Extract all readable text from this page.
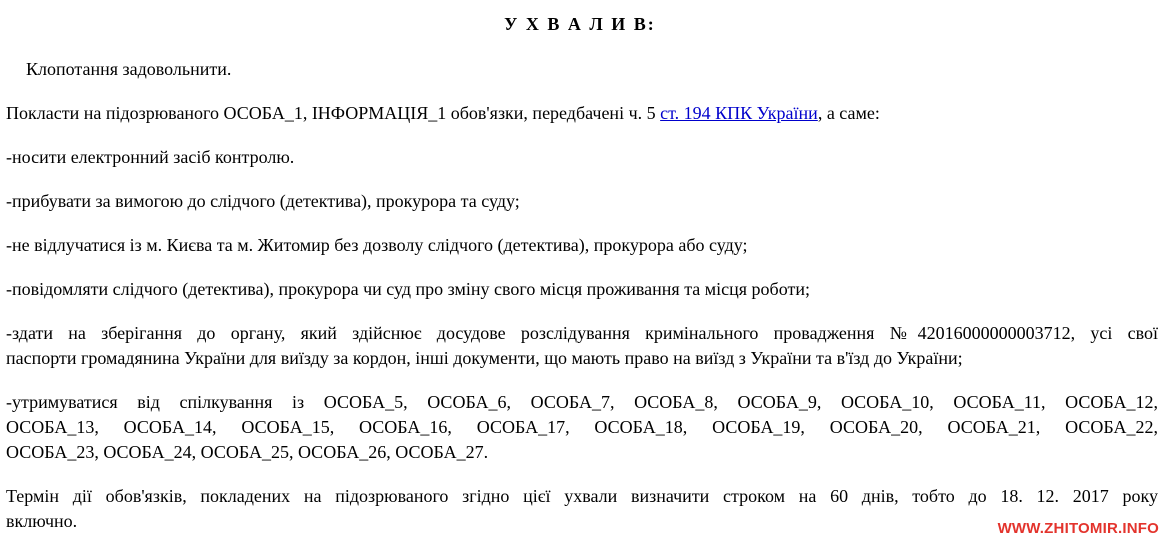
У Х В А Л И В:
Клопотання задовольнити.
Покласти на підозрюваного ОСОБА_1, ІНФОРМАЦІЯ_1 обов'язки, передбачені ч. 5 ст. 194 КПК України, а саме:
-носити електронний засіб контролю.
-прибувати за вимогою до слідчого (детектива), прокурора та суду;
-не відлучатися із м. Києва та м. Житомир без дозволу слідчого (детектива), прокурора або суду;
-повідомляти слідчого (детектива), прокурора чи суд про зміну свого місця проживання та місця роботи;
-здати на зберігання до органу, який здійснює досудове розслідування кримінального провадження №42016000000003712, усі свої
паспорти громадянина України для виїзду за кордон, інші документи, що мають право на виїзд з України та в'їзд до України;
-утримуватися від спілкування із ОСОБА_5, ОСОБА_6, ОСОБА_7, ОСОБА_8, ОСОБА_9, ОСОБА_10, ОСОБА_11, ОСОБА_12,
ОСОБА_13, ОСОБА_14, ОСОБА_15, ОСОБА_16, ОСОБА_17, ОСОБА_18, ОСОБА_19, ОСОБА_20, ОСОБА_21, ОСОБА_22,
ОСОБА_23, ОСОБА_24, ОСОБА_25, ОСОБА_26, ОСОБА_27.
Термін дії обов'язків, покладених на підозрюваного згідно цієї ухвали визначити строком на 60 днів, тобто до 18. 12. 2017 року
включно.	WWW.ZHITOMIR.INFO
